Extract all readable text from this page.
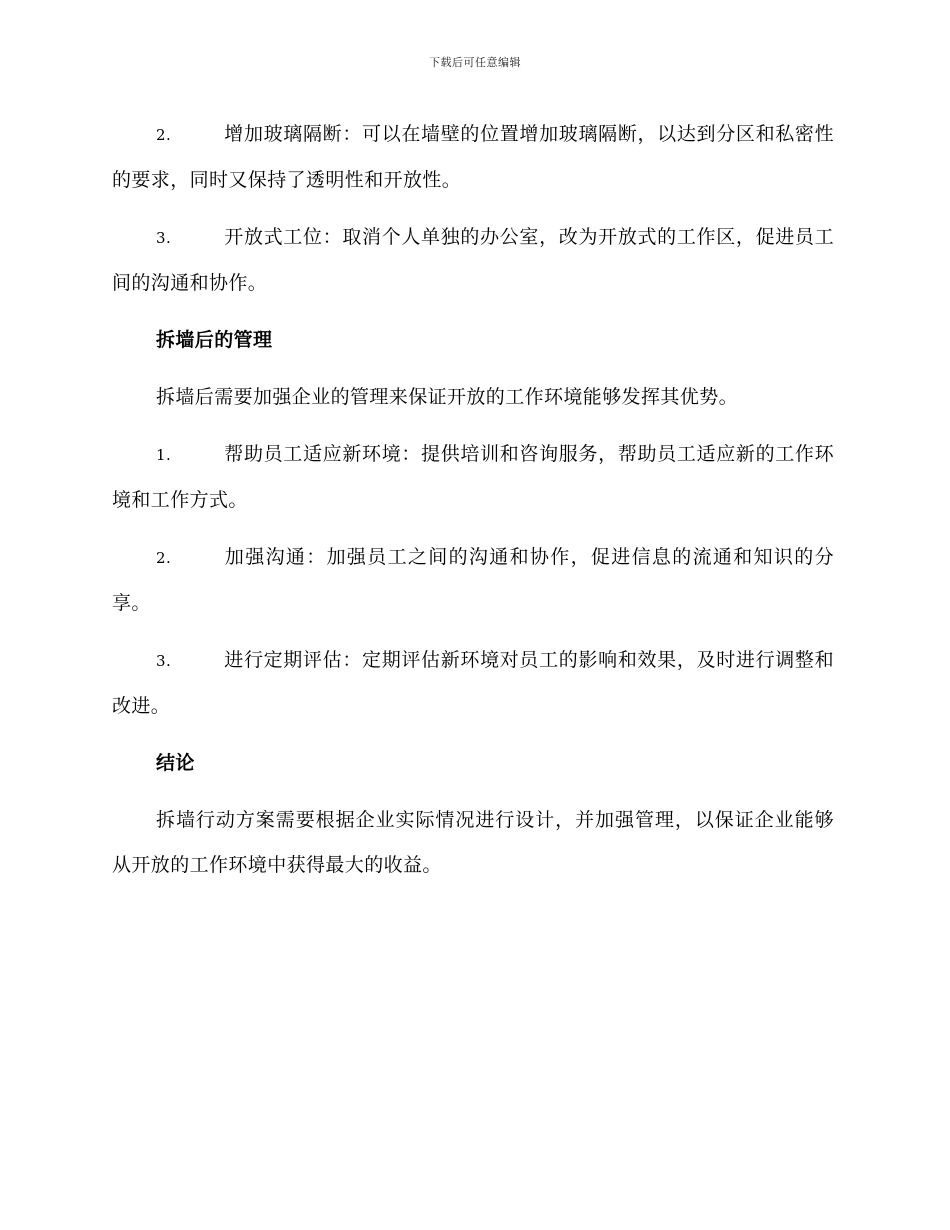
下载后可任意编辑

2.	增加玻璃隔断：可以在墙壁的位置增加玻璃隔断，以达到分区和私密性的要求，同时又保持了透明性和开放性。

3.	开放式工位：取消个人单独的办公室，改为开放式的工作区，促进员工间的沟通和协作。

拆墙后的管理

拆墙后需要加强企业的管理来保证开放的工作环境能够发挥其优势。

1.	帮助员工适应新环境：提供培训和咨询服务，帮助员工适应新的工作环境和工作方式。

2.	加强沟通：加强员工之间的沟通和协作，促进信息的流通和知识的分享。

3.	进行定期评估：定期评估新环境对员工的影响和效果，及时进行调整和改进。

结论

拆墙行动方案需要根据企业实际情况进行设计，并加强管理，以保证企业能够从开放的工作环境中获得最大的收益。
